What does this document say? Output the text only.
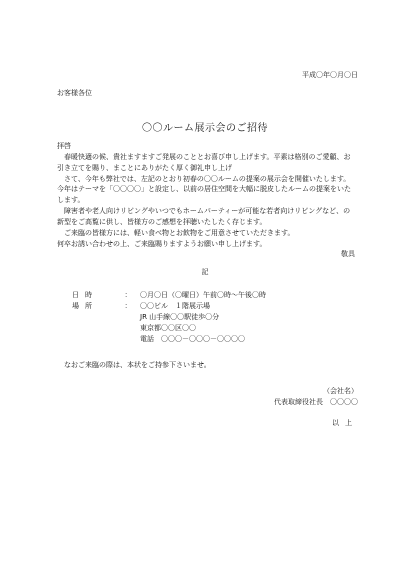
平成〇年〇月〇日
お客様各位
〇〇ルーム展示会のご招待

拝啓

春暖快適の候、貴社ますますご発展のこととお喜び申し上げます。平素は格別のご愛顧、お引き立てを賜り、まことにありがたく厚く御礼申し上げ

さて、今年も弊社では、左記のとおり初春の〇〇ルームの提案の展示会を開催いたします。今年はテーマを「〇〇〇〇」と設定し、以前の居住空間を大幅に脱皮したルームの提案をいたします。

障害者や老人向けリビングやいつでもホームパーティーが可能な若者向けリビングなど、の新型をご高覧に供し、皆様方のご感想を拝聴いたしたく存じます。

ご来臨の皆様方には、軽い食べ物とお飲物をご用意させていただきます。

何卒お誘い合わせの上、ご来臨賜りますようお願い申し上げます。

敬具

記
日時	：	〇月〇日（〇曜日）午前〇時～午後〇時
場所	：	〇〇ビル　１階展示場
JR 山手線〇〇駅徒歩〇分
東京都〇〇区〇〇
電話　〇〇〇－〇〇〇－〇〇〇〇
なおご来臨の際は、本状をご持参下さいませ。
（会社名）
代表取締役社長　〇〇〇〇
以上
